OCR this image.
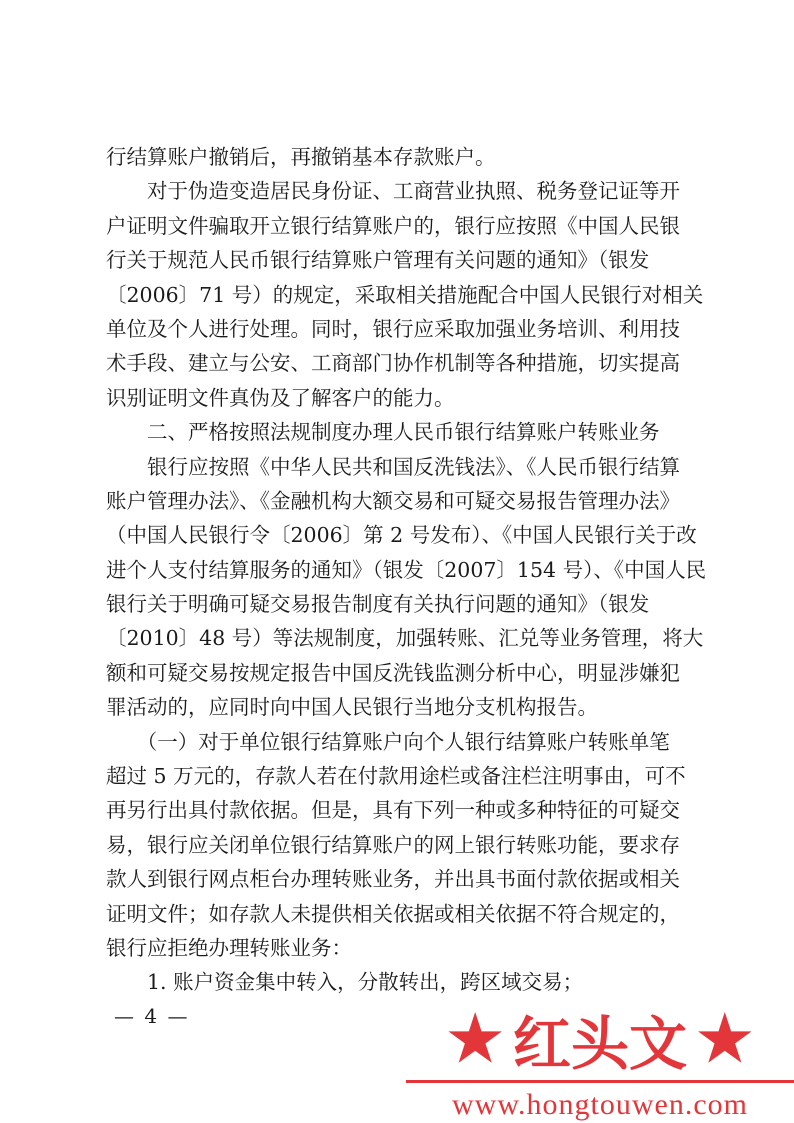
行结算账户撤销后，再撤销基本存款账户。
　　对于伪造变造居民身份证、工商营业执照、税务登记证等开
户证明文件骗取开立银行结算账户的，银行应按照《中国人民银
行关于规范人民币银行结算账户管理有关问题的通知》（银发
〔2006〕71 号）的规定，采取相关措施配合中国人民银行对相关
单位及个人进行处理。同时，银行应采取加强业务培训、利用技
术手段、建立与公安、工商部门协作机制等各种措施，切实提高
识别证明文件真伪及了解客户的能力。
　　二、严格按照法规制度办理人民币银行结算账户转账业务
　　银行应按照《中华人民共和国反洗钱法》、《人民币银行结算
账户管理办法》、《金融机构大额交易和可疑交易报告管理办法》
（中国人民银行令〔2006〕第 2 号发布）、《中国人民银行关于改
进个人支付结算服务的通知》（银发〔2007〕154 号）、《中国人民
银行关于明确可疑交易报告制度有关执行问题的通知》（银发
〔2010〕48 号）等法规制度，加强转账、汇兑等业务管理，将大
额和可疑交易按规定报告中国反洗钱监测分析中心，明显涉嫌犯
罪活动的，应同时向中国人民银行当地分支机构报告。
　　（一）对于单位银行结算账户向个人银行结算账户转账单笔
超过 5 万元的，存款人若在付款用途栏或备注栏注明事由，可不
再另行出具付款依据。但是，具有下列一种或多种特征的可疑交
易，银行应关闭单位银行结算账户的网上银行转账功能，要求存
款人到银行网点柜台办理转账业务，并出具书面付款依据或相关
证明文件；如存款人未提供相关依据或相关依据不符合规定的，
银行应拒绝办理转账业务：
　　1. 账户资金集中转入，分散转出，跨区域交易；
— 4 —	★ 红头文 ★
www.hongtouwen.com
